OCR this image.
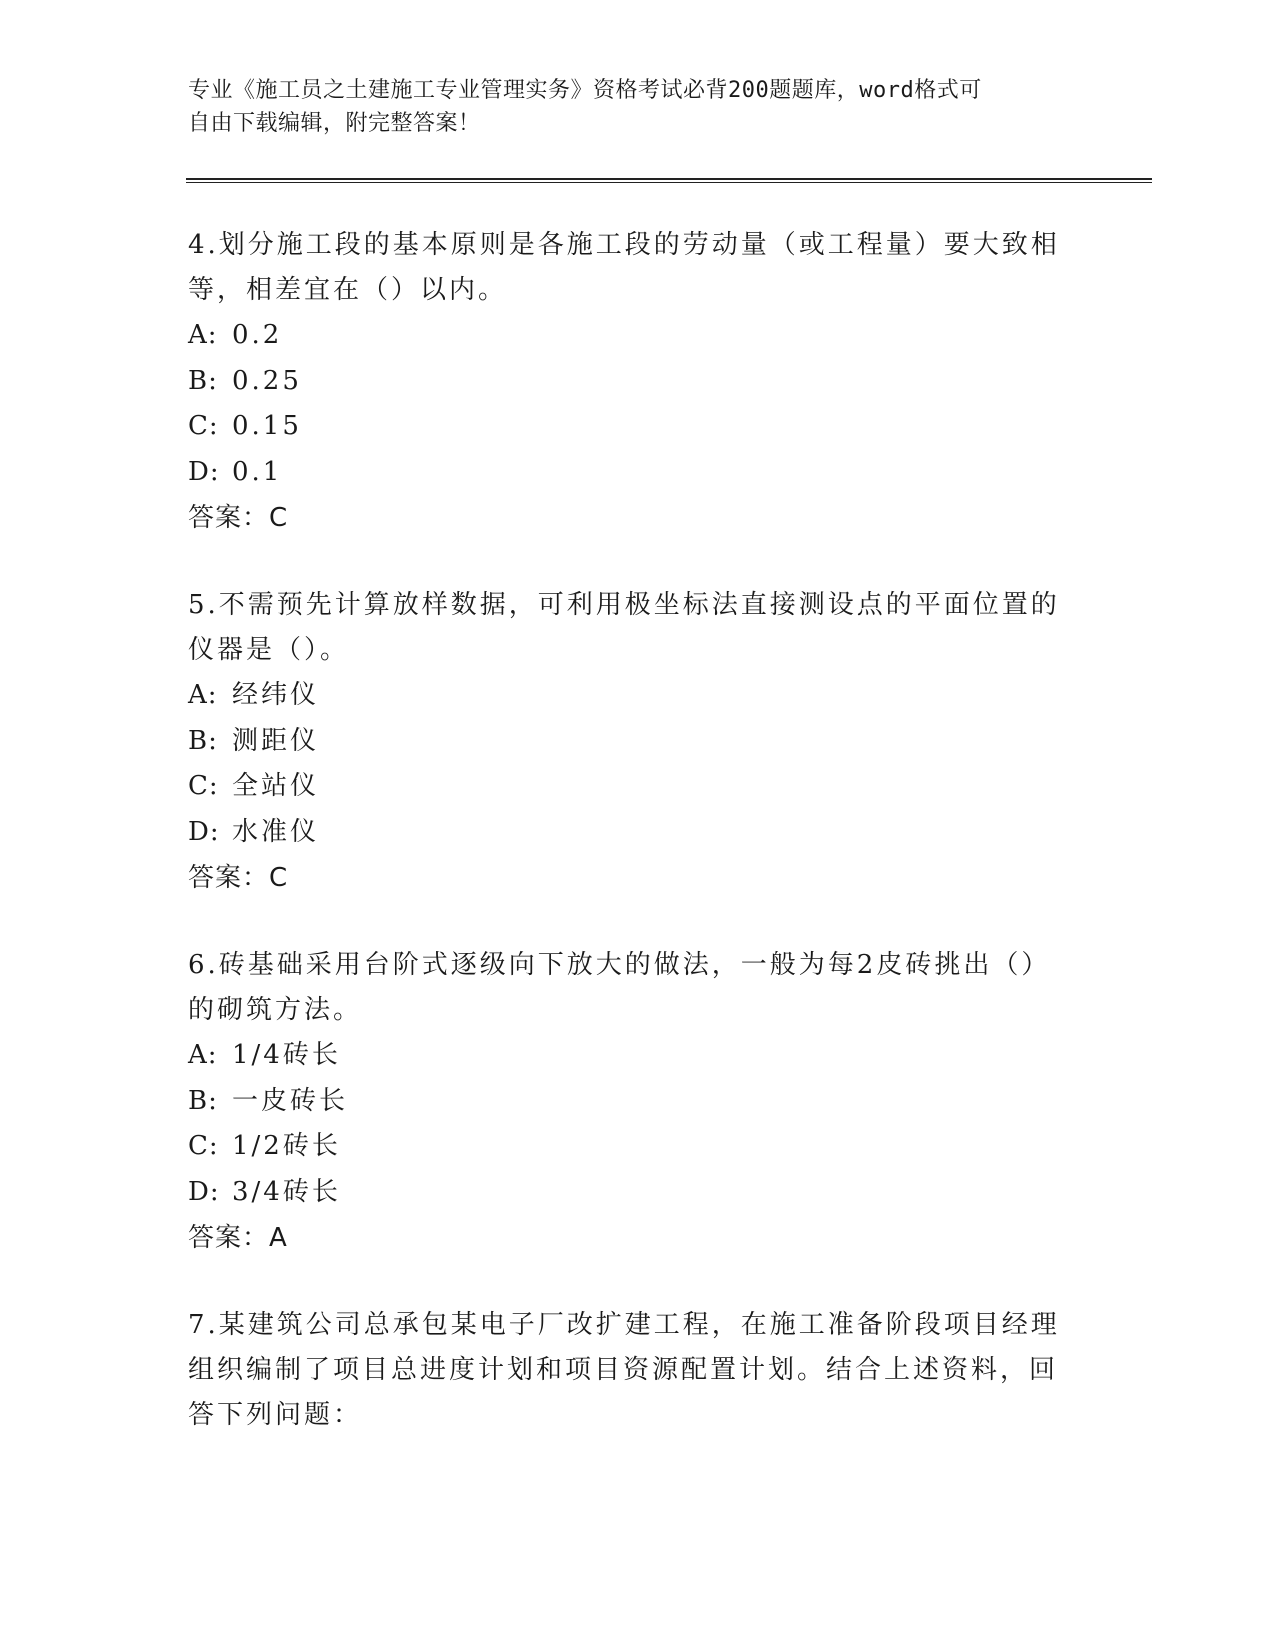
专业《施工员之土建施工专业管理实务》资格考试必背200题题库，word格式可
自由下载编辑，附完整答案！

4.划分施工段的基本原则是各施工段的劳动量（或工程量）要大致相等，相差宜在（）以内。

A: 0.2

B: 0.25

C: 0.15

D: 0.1

答案：C

5.不需预先计算放样数据，可利用极坐标法直接测设点的平面位置的仪器是（）。

A: 经纬仪

B: 测距仪

C: 全站仪

D: 水准仪

答案：C

6.砖基础采用台阶式逐级向下放大的做法，一般为每2皮砖挑出（）的砌筑方法。

A: 1/4砖长

B: 一皮砖长

C: 1/2砖长

D: 3/4砖长

答案：A

7.某建筑公司总承包某电子厂改扩建工程，在施工准备阶段项目经理组织编制了项目总进度计划和项目资源配置计划。结合上述资料，回答下列问题：
